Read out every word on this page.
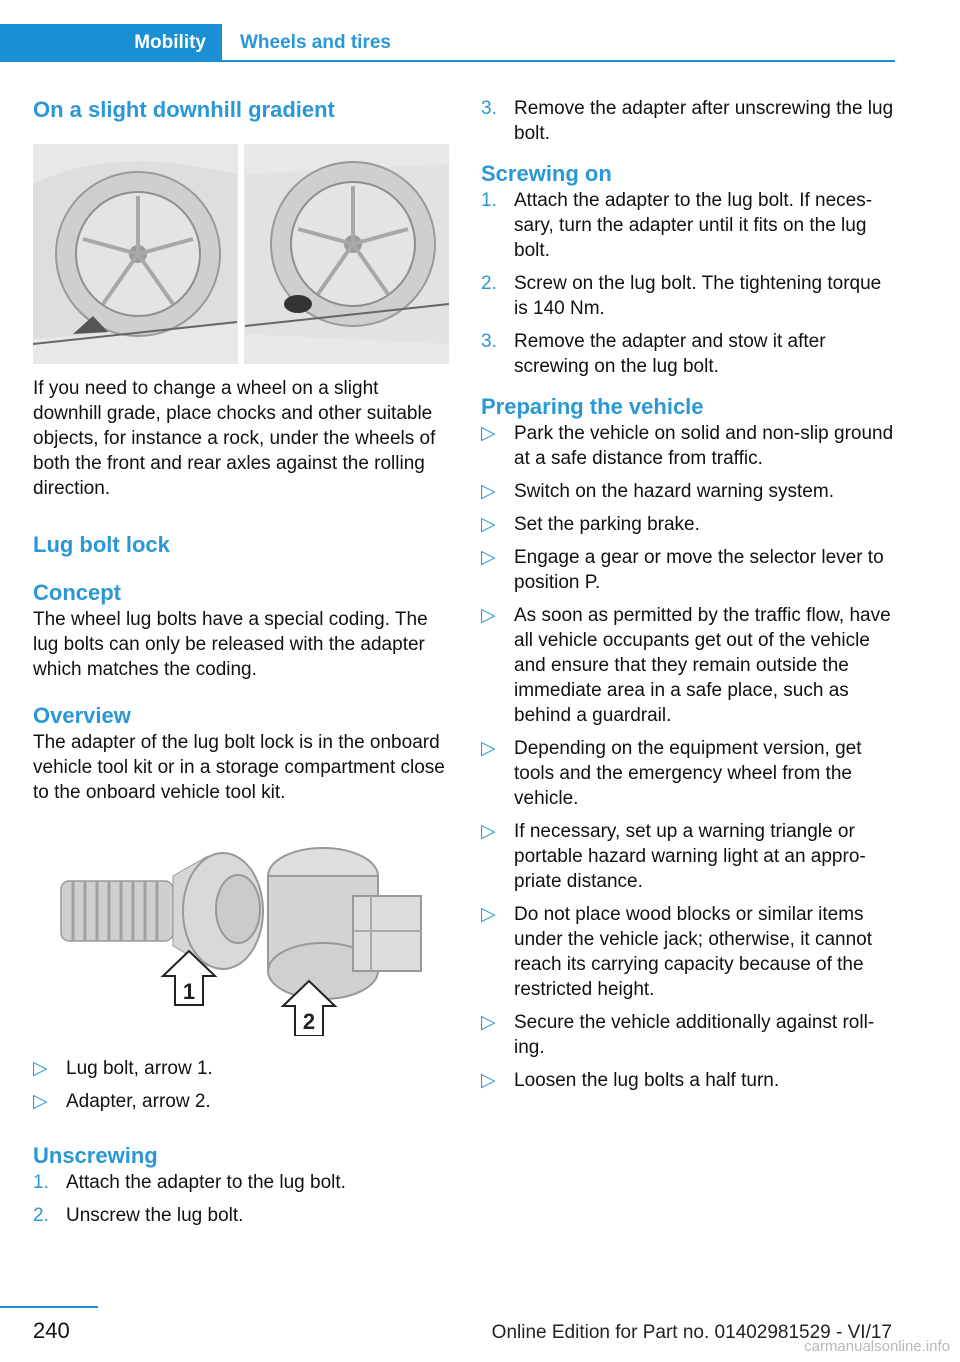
Mobility	Wheels and tires
On a slight downhill gradient

If you need to change a wheel on a slight downhill grade, place chocks and other suitable objects, for instance a rock, under the wheels of both the front and rear axles against the rolling direction.

Lug bolt lock
Concept

The wheel lug bolts have a special coding. The lug bolts can only be released with the adapter which matches the coding.

Overview

The adapter of the lug bolt lock is in the onboard vehicle tool kit or in a storage compartment close to the onboard vehicle tool kit.

1
2
▷ Lug bolt, arrow 1.
▷ Adapter, arrow 2.
Unscrewing
1. Attach the adapter to the lug bolt.
2. Unscrew the lug bolt.
3. Remove the adapter after unscrewing the lug bolt.
Screwing on
1. Attach the adapter to the lug bolt. If necessary, turn the adapter until it fits on the lug bolt.
2. Screw on the lug bolt. The tightening torque is 140 Nm.
3. Remove the adapter and stow it after screwing on the lug bolt.
Preparing the vehicle
▷ Park the vehicle on solid and non-slip ground at a safe distance from traffic.
▷ Switch on the hazard warning system.
▷ Set the parking brake.
▷ Engage a gear or move the selector lever to position P.
▷ As soon as permitted by the traffic flow, have all vehicle occupants get out of the vehicle and ensure that they remain outside the immediate area in a safe place, such as behind a guardrail.
▷ Depending on the equipment version, get tools and the emergency wheel from the vehicle.
▷ If necessary, set up a warning triangle or portable hazard warning light at an appropriate distance.
▷ Do not place wood blocks or similar items under the vehicle jack; otherwise, it cannot reach its carrying capacity because of the restricted height.
▷ Secure the vehicle additionally against rolling.
▷ Loosen the lug bolts a half turn.
240	Online Edition for Part no. 01402981529 - VI/17
carmanualsonline.info
